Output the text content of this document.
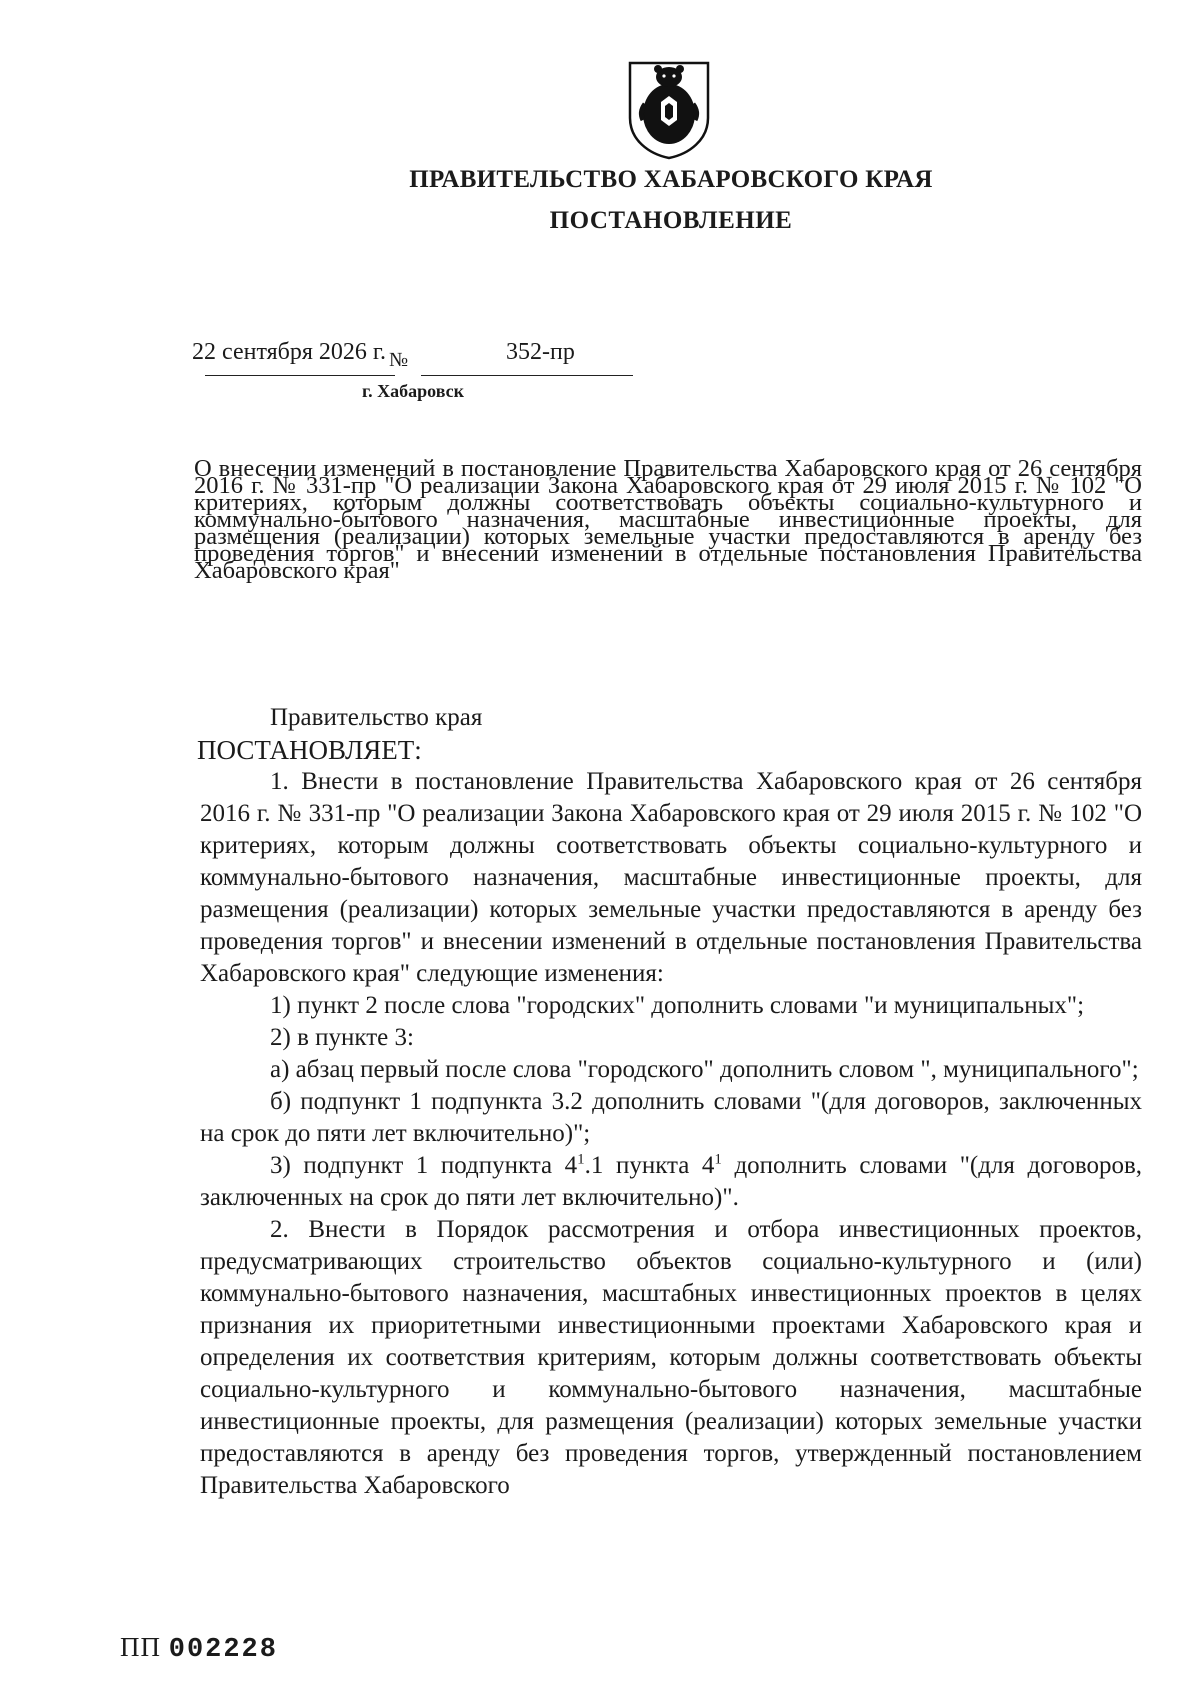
ПРАВИТЕЛЬСТВО ХАБАРОВСКОГО КРАЯ
ПОСТАНОВЛЕНИЕ
22 сентября 2026 г. №	352-пр
г. Хабаровск
О внесении изменений в постановление Правительства Хабаровского края от 26 сентября 2016 г. № 331-пр "О реализации Закона Хабаровского края от 29 июля 2015 г. № 102 "О критериях, которым должны соответствовать объекты социально-культурного и коммунально-бытового назначения, масштабные инвестиционные проекты, для размещения (реализации) которых земельные участки предоставляются в аренду без проведения торгов" и внесении изменений в отдельные постановления Правительства Хабаровского края"

Правительство края

ПОСТАНОВЛЯЕТ:

1. Внести в постановление Правительства Хабаровского края от 26 сентября 2016 г. № 331-пр "О реализации Закона Хабаровского края от 29 июля 2015 г. № 102 "О критериях, которым должны соответствовать объекты социально-культурного и коммунально-бытового назначения, масштабные инвестиционные проекты, для размещения (реализации) которых земельные участки предоставляются в аренду без проведения торгов" и внесении изменений в отдельные постановления Правительства Хабаровского края" следующие изменения:

1) пункт 2 после слова "городских" дополнить словами "и муниципальных";

2) в пункте 3:

а) абзац первый после слова "городского" дополнить словом ", муниципального";

б) подпункт 1 подпункта 3.2 дополнить словами "(для договоров, заключенных на срок до пяти лет включительно)";

3) подпункт 1 подпункта $4^1.1$ пункта $4^1$ дополнить словами "(для договоров, заключенных на срок до пяти лет включительно)".

2. Внести в Порядок рассмотрения и отбора инвестиционных проектов, предусматривающих строительство объектов социально-культурного и (или) коммунально-бытового назначения, масштабных инвестиционных проектов в целях признания их приоритетными инвестиционными проектами Хабаровского края и определения их соответствия критериям, которым должны соответствовать объекты социально-культурного и коммунально-бытового назначения, масштабные инвестиционные проекты, для размещения (реализации) которых земельные участки предоставляются в аренду без проведения торгов, утвержденный постановлением Правительства Хабаровского

ПП 002228
